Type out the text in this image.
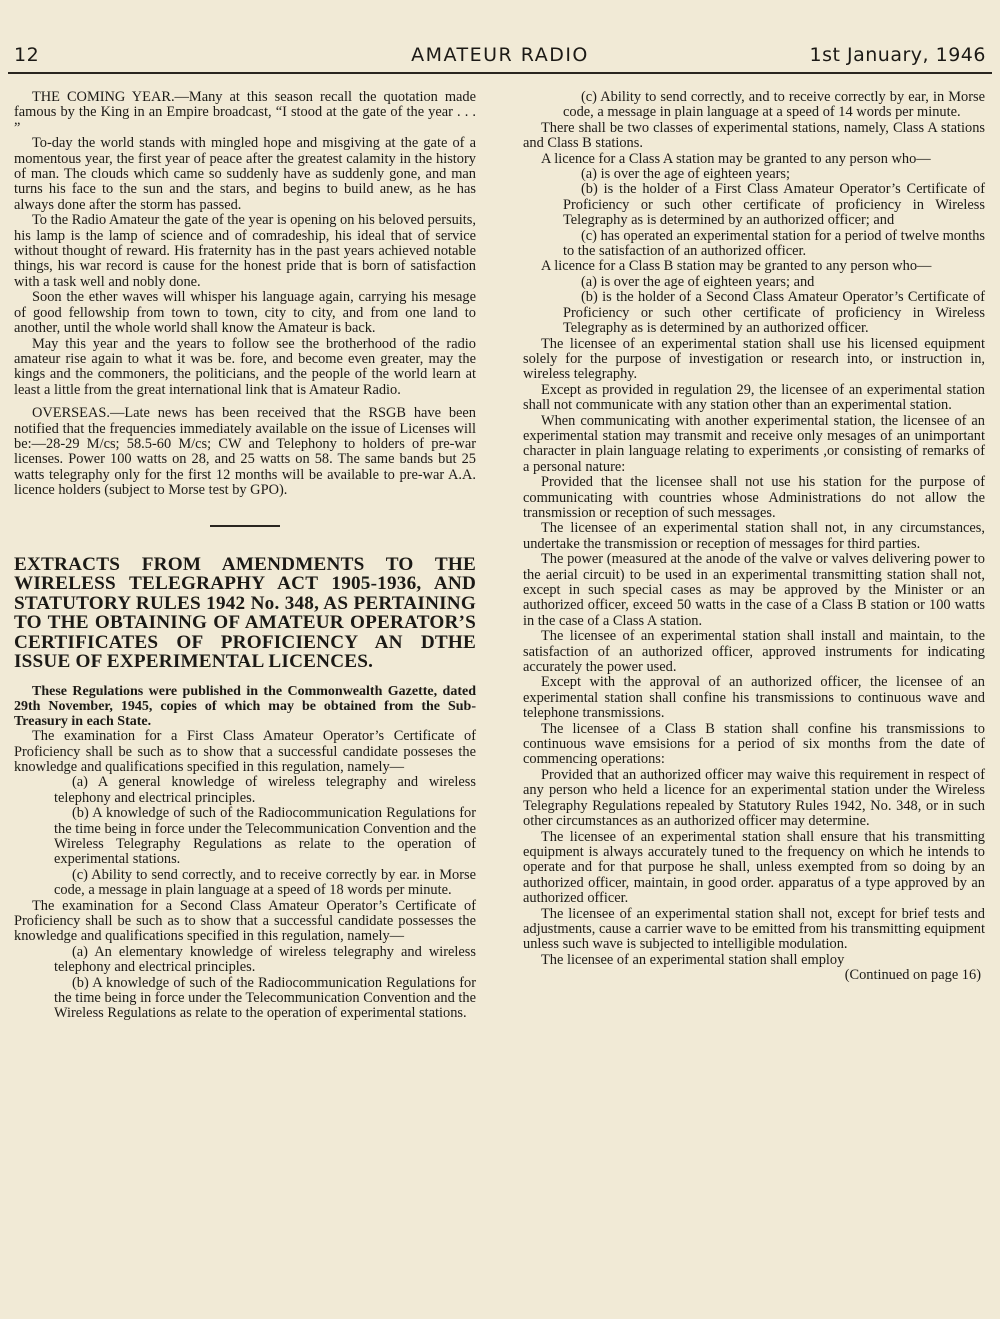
12	AMATEUR RADIO	1st January, 1946

THE COMING YEAR.—Many at this season recall the quotation made famous by the King in an Empire broadcast, “I stood at the gate of the year . . . ”

To-day the world stands with mingled hope and misgiving at the gate of a momentous year, the first year of peace after the greatest calamity in the history of man. The clouds which came so suddenly have as suddenly gone, and man turns his face to the sun and the stars, and begins to build anew, as he has always done after the storm has passed.

To the Radio Amateur the gate of the year is opening on his beloved persuits, his lamp is the lamp of science and of comradeship, his ideal that of service without thought of reward. His fraternity has in the past years achieved notable things, his war record is cause for the honest pride that is born of satisfaction with a task well and nobly done.

Soon the ether waves will whisper his language again, carrying his mesage of good fellowship from town to town, city to city, and from one land to another, until the whole world shall know the Amateur is back.

May this year and the years to follow see the brotherhood of the radio amateur rise again to what it was be. fore, and become even greater, may the kings and the commoners, the politicians, and the people of the world learn at least a little from the great international link that is Amateur Radio.

OVERSEAS.—Late news has been received that the RSGB have been notified that the frequencies immediately available on the issue of Licenses will be:—28-29 M/cs; 58.5-60 M/cs; CW and Telephony to holders of pre-war licenses. Power 100 watts on 28, and 25 watts on 58. The same bands but 25 watts telegraphy only for the first 12 months will be available to pre-war A.A. licence holders (subject to Morse test by GPO).

EXTRACTS FROM AMENDMENTS TO THE WIRELESS TELEGRAPHY ACT 1905-1936, AND STATUTORY RULES 1942 No. 348, AS PERTAINING TO THE OBTAINING OF AMATEUR OPERATOR’S CERTIFICATES OF PROFICIENCY AN DTHE ISSUE OF EXPERIMENTAL LICENCES.

These Regulations were published in the Commonwealth Gazette, dated 29th November, 1945, copies of which may be obtained from the Sub-Treasury in each State.

The examination for a First Class Amateur Operator’s Certificate of Proficiency shall be such as to show that a successful candidate posseses the knowledge and qualifications specified in this regulation, namely—

(a) A general knowledge of wireless telegraphy and wireless telephony and electrical principles.

(b) A knowledge of such of the Radiocommunication Regulations for the time being in force under the Telecommunication Convention and the Wireless Telegraphy Regulations as relate to the operation of experimental stations.

(c) Ability to send correctly, and to receive correctly by ear. in Morse code, a message in plain language at a speed of 18 words per minute.

The examination for a Second Class Amateur Operator’s Certificate of Proficiency shall be such as to show that a successful candidate possesses the knowledge and qualifications specified in this regulation, namely—

(a) An elementary knowledge of wireless telegraphy and wireless telephony and electrical principles.

(b) A knowledge of such of the Radiocommunication Regulations for the time being in force under the Telecommunication Convention and the Wireless Regulations as relate to the operation of experimental stations.

(c) Ability to send correctly, and to receive correctly by ear, in Morse code, a message in plain language at a speed of 14 words per minute.

There shall be two classes of experimental stations, namely, Class A stations and Class B stations.

A licence for a Class A station may be granted to any person who—

(a) is over the age of eighteen years;

(b) is the holder of a First Class Amateur Operator’s Certificate of Proficiency or such other certificate of proficiency in Wireless Telegraphy as is determined by an authorized officer; and

(c) has operated an experimental station for a period of twelve months to the satisfaction of an authorized officer.

A licence for a Class B station may be granted to any person who—

(a) is over the age of eighteen years; and

(b) is the holder of a Second Class Amateur Operator’s Certificate of Proficiency or such other certificate of proficiency in Wireless Telegraphy as is determined by an authorized officer.

The licensee of an experimental station shall use his licensed equipment solely for the purpose of investigation or research into, or instruction in, wireless telegraphy.

Except as provided in regulation 29, the licensee of an experimental station shall not communicate with any station other than an experimental station.

When communicating with another experimental station, the licensee of an experimental station may transmit and receive only mesages of an unimportant character in plain language relating to experiments ,or consisting of remarks of a personal nature:

Provided that the licensee shall not use his station for the purpose of communicating with countries whose Administrations do not allow the transmission or reception of such messages.

The licensee of an experimental station shall not, in any circumstances, undertake the transmission or reception of messages for third parties.

The power (measured at the anode of the valve or valves delivering power to the aerial circuit) to be used in an experimental transmitting station shall not, except in such special cases as may be approved by the Minister or an authorized officer, exceed 50 watts in the case of a Class B station or 100 watts in the case of a Class A station.

The licensee of an experimental station shall install and maintain, to the satisfaction of an authorized officer, approved instruments for indicating accurately the power used.

Except with the approval of an authorized officer, the licensee of an experimental station shall confine his transmissions to continuous wave and telephone transmissions.

The licensee of a Class B station shall confine his transmissions to continuous wave emsisions for a period of six months from the date of commencing operations:

Provided that an authorized officer may waive this requirement in respect of any person who held a licence for an experimental station under the Wireless Telegraphy Regulations repealed by Statutory Rules 1942, No. 348, or in such other circumstances as an authorized officer may determine.

The licensee of an experimental station shall ensure that his transmitting equipment is always accurately tuned to the frequency on which he intends to operate and for that purpose he shall, unless exempted from so doing by an authorized officer, maintain, in good order. apparatus of a type approved by an authorized officer.

The licensee of an experimental station shall not, except for brief tests and adjustments, cause a carrier wave to be emitted from his transmitting equipment unless such wave is subjected to intelligible modulation.

The licensee of an experimental station shall employ

(Continued on page 16)
